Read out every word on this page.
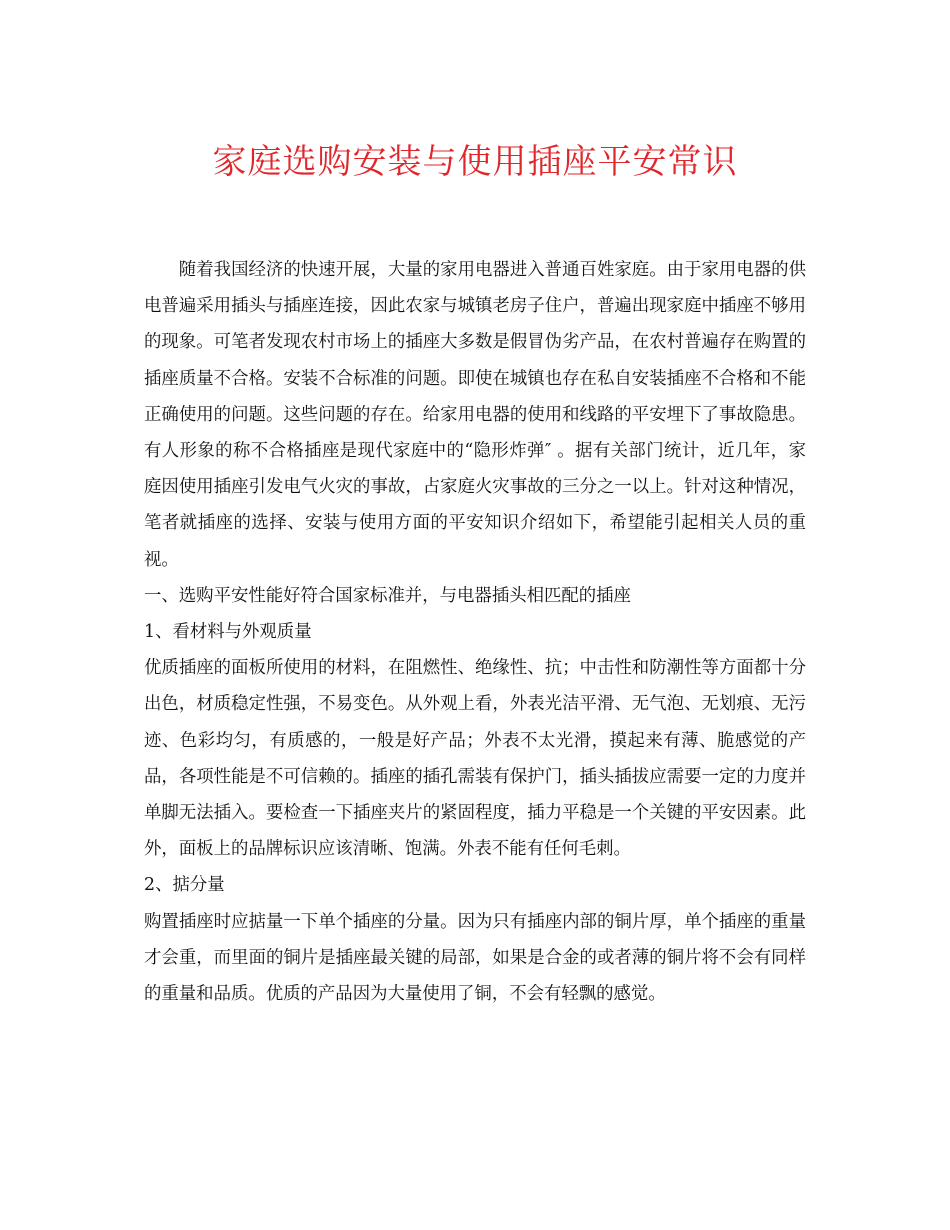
家庭选购安装与使用插座平安常识

随着我国经济的快速开展，大量的家用电器进入普通百姓家庭。由于家用电器的供电普遍采用插头与插座连接，因此农家与城镇老房子住户，普遍出现家庭中插座不够用的现象。可笔者发现农村市场上的插座大多数是假冒伪劣产品，在农村普遍存在购置的插座质量不合格。安装不合标准的问题。即使在城镇也存在私自安装插座不合格和不能正确使用的问题。这些问题的存在。给家用电器的使用和线路的平安埋下了事故隐患。有人形象的称不合格插座是现代家庭中的“隐形炸弹″ 。据有关部门统计，近几年，家庭因使用插座引发电气火灾的事故，占家庭火灾事故的三分之一以上。针对这种情况，笔者就插座的选择、安装与使用方面的平安知识介绍如下，希望能引起相关人员的重视。

一、选购平安性能好符合国家标准并，与电器插头相匹配的插座

1、看材料与外观质量

优质插座的面板所使用的材料，在阻燃性、绝缘性、抗；中击性和防潮性等方面都十分出色，材质稳定性强，不易变色。从外观上看，外表光洁平滑、无气泡、无划痕、无污迹、色彩均匀，有质感的，一般是好产品；外表不太光滑，摸起来有薄、脆感觉的产品，各项性能是不可信赖的。插座的插孔需装有保护门，插头插拔应需要一定的力度并单脚无法插入。要检查一下插座夹片的紧固程度，插力平稳是一个关键的平安因素。此外，面板上的品牌标识应该清晰、饱满。外表不能有任何毛刺。

2、掂分量

购置插座时应掂量一下单个插座的分量。因为只有插座内部的铜片厚，单个插座的重量才会重，而里面的铜片是插座最关键的局部，如果是合金的或者薄的铜片将不会有同样的重量和品质。优质的产品因为大量使用了铜，不会有轻飘的感觉。
